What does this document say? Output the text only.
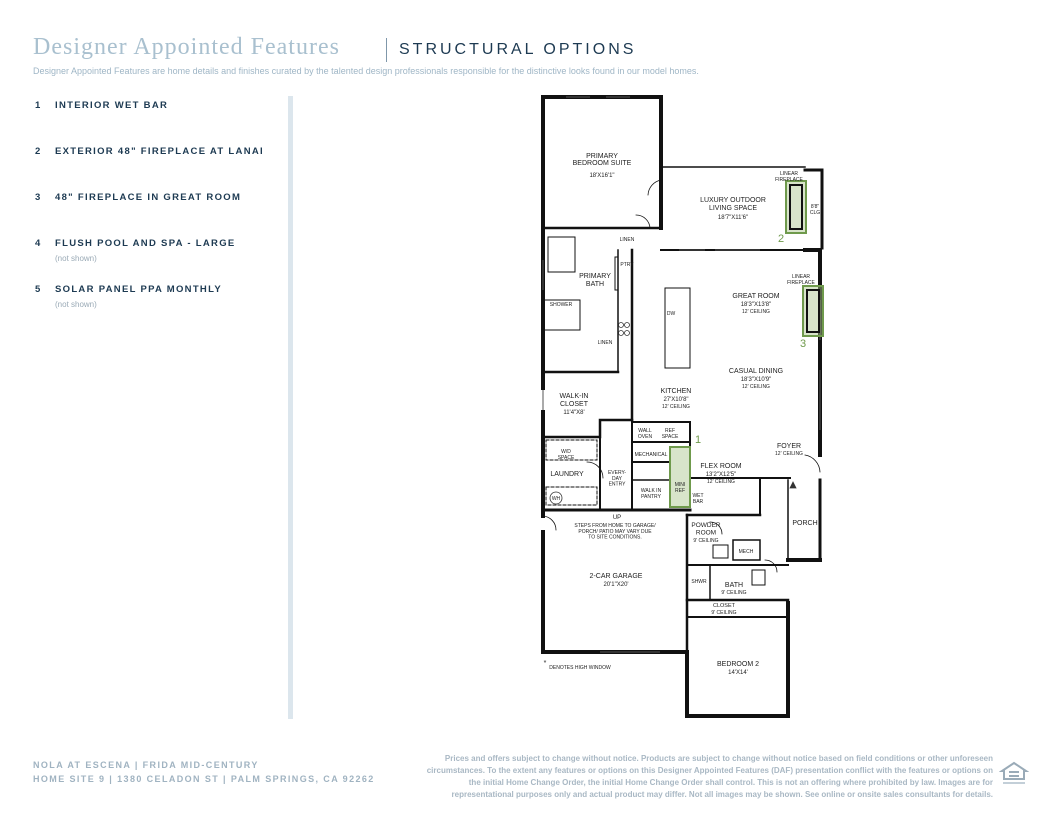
Designer Appointed Features	STRUCTURAL OPTIONS
Designer Appointed Features are home details and finishes curated by the talented design professionals responsible for the distinctive looks found in our model homes.
1 INTERIOR WET BAR
2 EXTERIOR 48" FIREPLACE AT LANAI
3 48" FIREPLACE IN GREAT ROOM
4 FLUSH POOL AND SPA - LARGE
(not shown)
5 SOLAR PANEL PPA MONTHLY
(not shown)
PRIMARY BEDROOM SUITE
18'X16'1"
LUXURY OUTDOOR LIVING SPACE
18'7"X11'6"
PRIMARY BATH
GREAT ROOM
18'3"X13'8"
12' CEILING
CASUAL DINING
18'3"X10'9"
12' CEILING
KITCHEN
27'X10'8"
12' CEILING
WALK-IN CLOSET
11'4"X8'
LAUNDRY
FOYER
12' CEILING
FLEX ROOM
13'2"X12'5"
12' CEILING
POWDER ROOM
9' CEILING
PORCH
2-CAR GARAGE
20'1"X20'	BATH
9' CEILING
CLOSET
9' CEILING
BEDROOM 2
14'X14'
LINEN
PTRY
SHOWER
LINEN
DW
WALL OVEN
REF SPACE
MECHANICAL
EVERY-DAY ENTRY
WALK IN PANTRY
W/D SPACE
WH
MINI REF
WET BAR
MECH
SHWR
LINEAR FIREPLACE
8'8" CLG
LINEAR FIREPLACE
UP
STEPS FROM HOME TO GARAGE/ PORCH/ PATIO MAY VARY DUE TO SITE CONDITIONS.
*
DENOTES HIGH WINDOW
1
2
3
NOLA AT ESCENA | FRIDA MID-CENTURY
HOME SITE 9 | 1380 CELADON ST | PALM SPRINGS, CA 92262
Prices and offers subject to change without notice. Products are subject to change without notice based on field conditions or other unforeseen circumstances. To the extent any features or options on this Designer Appointed Features (DAF) presentation conflict with the features or options on the initial Home Change Order, the initial Home Change Order shall control. This is not an offering where prohibited by law. Images are for representational purposes only and actual product may differ. Not all images may be shown. See online or onsite sales consultants for details.
